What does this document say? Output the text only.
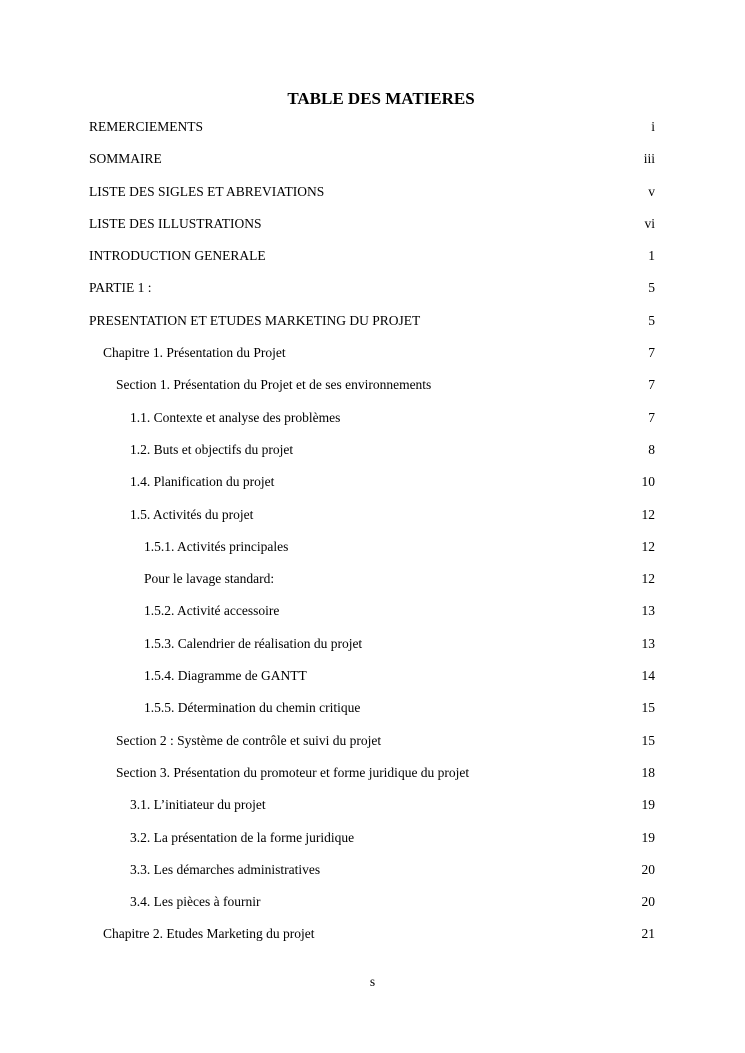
TABLE DES MATIERES
REMERCIEMENTS	i
SOMMAIRE	iii
LISTE DES SIGLES ET ABREVIATIONS	v
LISTE DES ILLUSTRATIONS	vi
INTRODUCTION GENERALE	1
PARTIE 1 :	5
PRESENTATION ET ETUDES MARKETING DU PROJET	5
Chapitre 1. Présentation du Projet	7
Section 1. Présentation du Projet et de ses environnements	7
1.1. Contexte et analyse des problèmes	7
1.2. Buts et objectifs du projet	8
1.4. Planification du projet	10
1.5. Activités du projet	12
1.5.1. Activités principales	12
Pour le lavage standard:	12
1.5.2. Activité accessoire	13
1.5.3. Calendrier de réalisation du projet	13
1.5.4. Diagramme de GANTT	14
1.5.5. Détermination du chemin critique	15
Section 2 : Système de contrôle et suivi du projet	15
Section 3. Présentation du promoteur et forme juridique du projet	18
3.1. L’initiateur du projet	19
3.2. La présentation de la forme juridique	19
3.3. Les démarches administratives	20
3.4. Les pièces à fournir	20
Chapitre 2. Etudes Marketing du projet	21
s
